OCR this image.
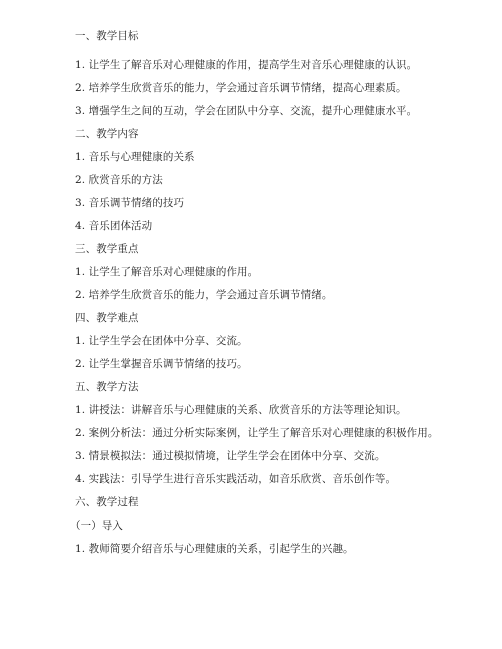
一、教学目标
1. 让学生了解音乐对心理健康的作用，提高学生对音乐心理健康的认识。
2. 培养学生欣赏音乐的能力，学会通过音乐调节情绪，提高心理素质。
3. 增强学生之间的互动，学会在团队中分享、交流，提升心理健康水平。
二、教学内容
1. 音乐与心理健康的关系
2. 欣赏音乐的方法
3. 音乐调节情绪的技巧
4. 音乐团体活动
三、教学重点
1. 让学生了解音乐对心理健康的作用。
2. 培养学生欣赏音乐的能力，学会通过音乐调节情绪。
四、教学难点
1. 让学生学会在团体中分享、交流。
2. 让学生掌握音乐调节情绪的技巧。
五、教学方法
1. 讲授法：讲解音乐与心理健康的关系、欣赏音乐的方法等理论知识。
2. 案例分析法：通过分析实际案例，让学生了解音乐对心理健康的积极作用。
3. 情景模拟法：通过模拟情境，让学生学会在团体中分享、交流。
4. 实践法：引导学生进行音乐实践活动，如音乐欣赏、音乐创作等。
六、教学过程
（一）导入
1. 教师简要介绍音乐与心理健康的关系，引起学生的兴趣。
